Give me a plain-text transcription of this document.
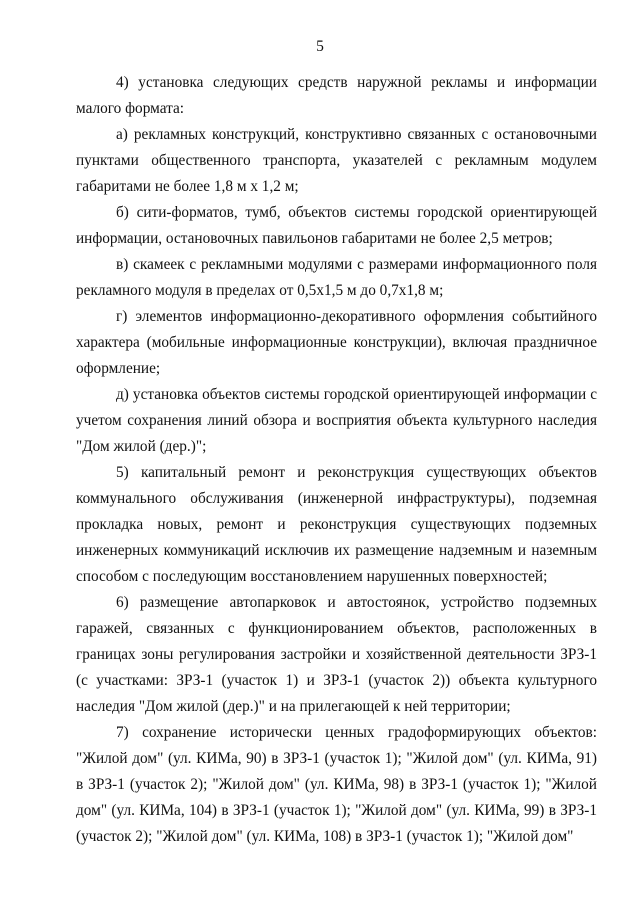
5

4) установка следующих средств наружной рекламы и информации малого формата:

а) рекламных конструкций, конструктивно связанных с остановочными пунктами общественного транспорта, указателей с рекламным модулем габаритами не более 1,8 м x 1,2 м;

б) сити-форматов, тумб, объектов системы городской ориентирующей информации, остановочных павильонов габаритами не более 2,5 метров;

в) скамеек с рекламными модулями с размерами информационного поля рекламного модуля в пределах от 0,5x1,5 м до 0,7x1,8 м;

г) элементов информационно-декоративного оформления событийного характера (мобильные информационные конструкции), включая праздничное оформление;

д) установка объектов системы городской ориентирующей информации с учетом сохранения линий обзора и восприятия объекта культурного наследия "Дом жилой (дер.)";

5) капитальный ремонт и реконструкция существующих объектов коммунального обслуживания (инженерной инфраструктуры), подземная прокладка новых, ремонт и реконструкция существующих подземных инженерных коммуникаций исключив их размещение надземным и наземным способом с последующим восстановлением нарушенных поверхностей;

6) размещение автопарковок и автостоянок, устройство подземных гаражей, связанных с функционированием объектов, расположенных в границах зоны регулирования застройки и хозяйственной деятельности ЗРЗ-1 (с участками: ЗРЗ-1 (участок 1) и ЗРЗ-1 (участок 2)) объекта культурного наследия "Дом жилой (дер.)" и на прилегающей к ней территории;

7) сохранение исторически ценных градоформирующих объектов: "Жилой дом" (ул. КИМа, 90) в ЗРЗ-1 (участок 1); "Жилой дом" (ул. КИМа, 91) в ЗРЗ-1 (участок 2); "Жилой дом" (ул. КИМа, 98) в ЗРЗ-1 (участок 1); "Жилой дом" (ул. КИМа, 104) в ЗРЗ-1 (участок 1); "Жилой дом" (ул. КИМа, 99) в ЗРЗ-1 (участок 2); "Жилой дом" (ул. КИМа, 108) в ЗРЗ-1 (участок 1); "Жилой дом"
